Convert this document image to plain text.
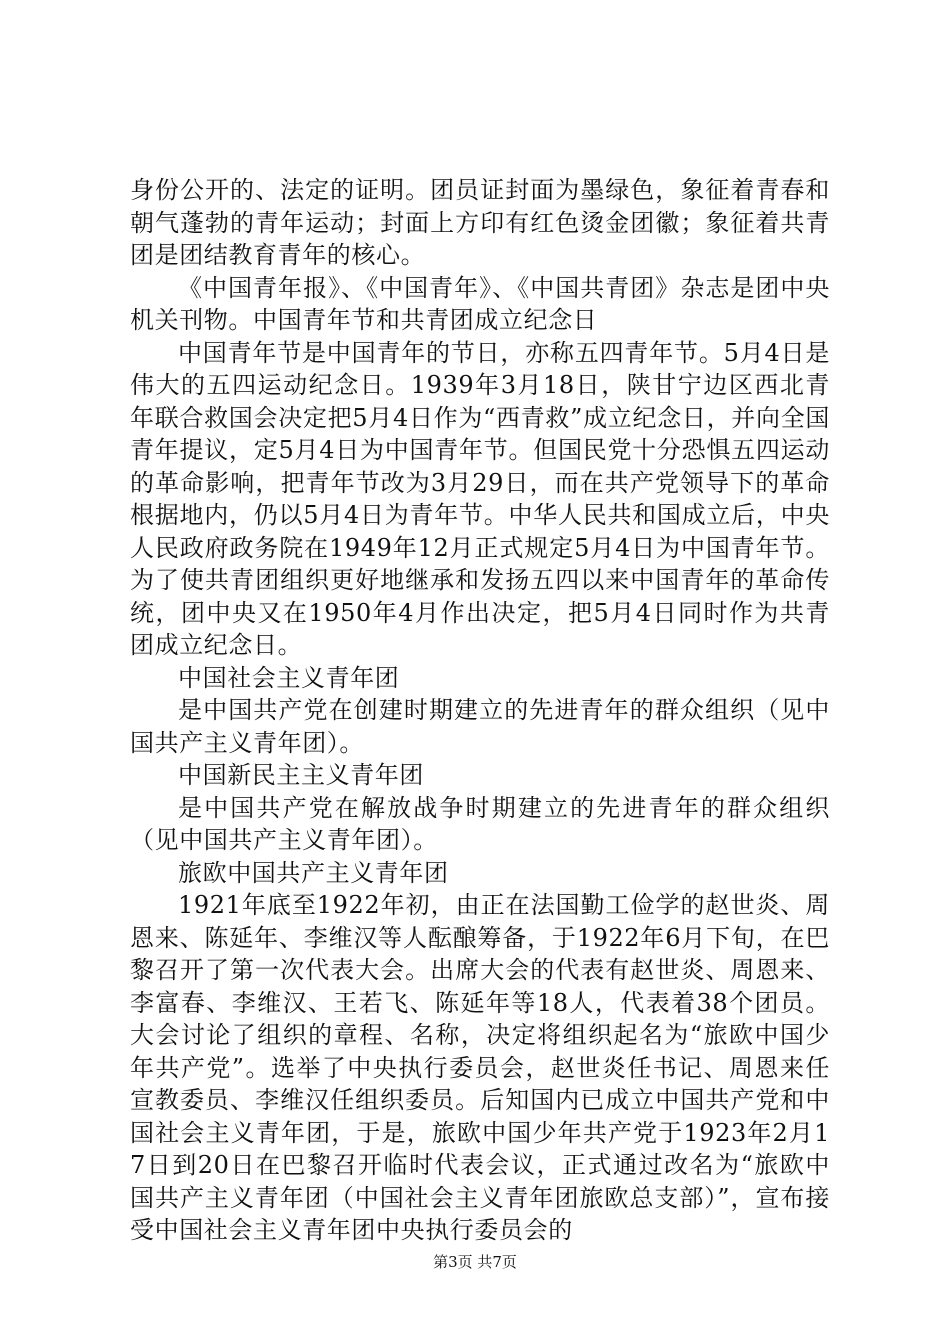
身份公开的、法定的证明。团员证封面为墨绿色，象征着青春和朝气蓬勃的青年运动；封面上方印有红色烫金团徽；象征着共青团是团结教育青年的核心。

《中国青年报》、《中国青年》、《中国共青团》杂志是团中央机关刊物。中国青年节和共青团成立纪念日

中国青年节是中国青年的节日，亦称五四青年节。5月4日是伟大的五四运动纪念日。1939年3月18日，陕甘宁边区西北青年联合救国会决定把5月4日作为“西青救”成立纪念日，并向全国青年提议，定5月4日为中国青年节。但国民党十分恐惧五四运动的革命影响，把青年节改为3月29日，而在共产党领导下的革命根据地内，仍以5月4日为青年节。中华人民共和国成立后，中央人民政府政务院在1949年12月正式规定5月4日为中国青年节。为了使共青团组织更好地继承和发扬五四以来中国青年的革命传统，团中央又在1950年4月作出决定，把5月4日同时作为共青团成立纪念日。

中国社会主义青年团

是中国共产党在创建时期建立的先进青年的群众组织（见中国共产主义青年团）。

中国新民主主义青年团

是中国共产党在解放战争时期建立的先进青年的群众组织（见中国共产主义青年团）。

旅欧中国共产主义青年团

1921年底至1922年初，由正在法国勤工俭学的赵世炎、周恩来、陈延年、李维汉等人酝酿筹备，于1922年6月下旬，在巴黎召开了第一次代表大会。出席大会的代表有赵世炎、周恩来、李富春、李维汉、王若飞、陈延年等18人，代表着38个团员。大会讨论了组织的章程、名称，决定将组织起名为“旅欧中国少年共产党”。选举了中央执行委员会，赵世炎任书记、周恩来任宣教委员、李维汉任组织委员。后知国内已成立中国共产党和中国社会主义青年团，于是，旅欧中国少年共产党于1923年2月17日到20日在巴黎召开临时代表会议，正式通过改名为“旅欧中国共产主义青年团（中国社会主义青年团旅欧总支部）”，宣布接受中国社会主义青年团中央执行委员会的

第3页 共7页
